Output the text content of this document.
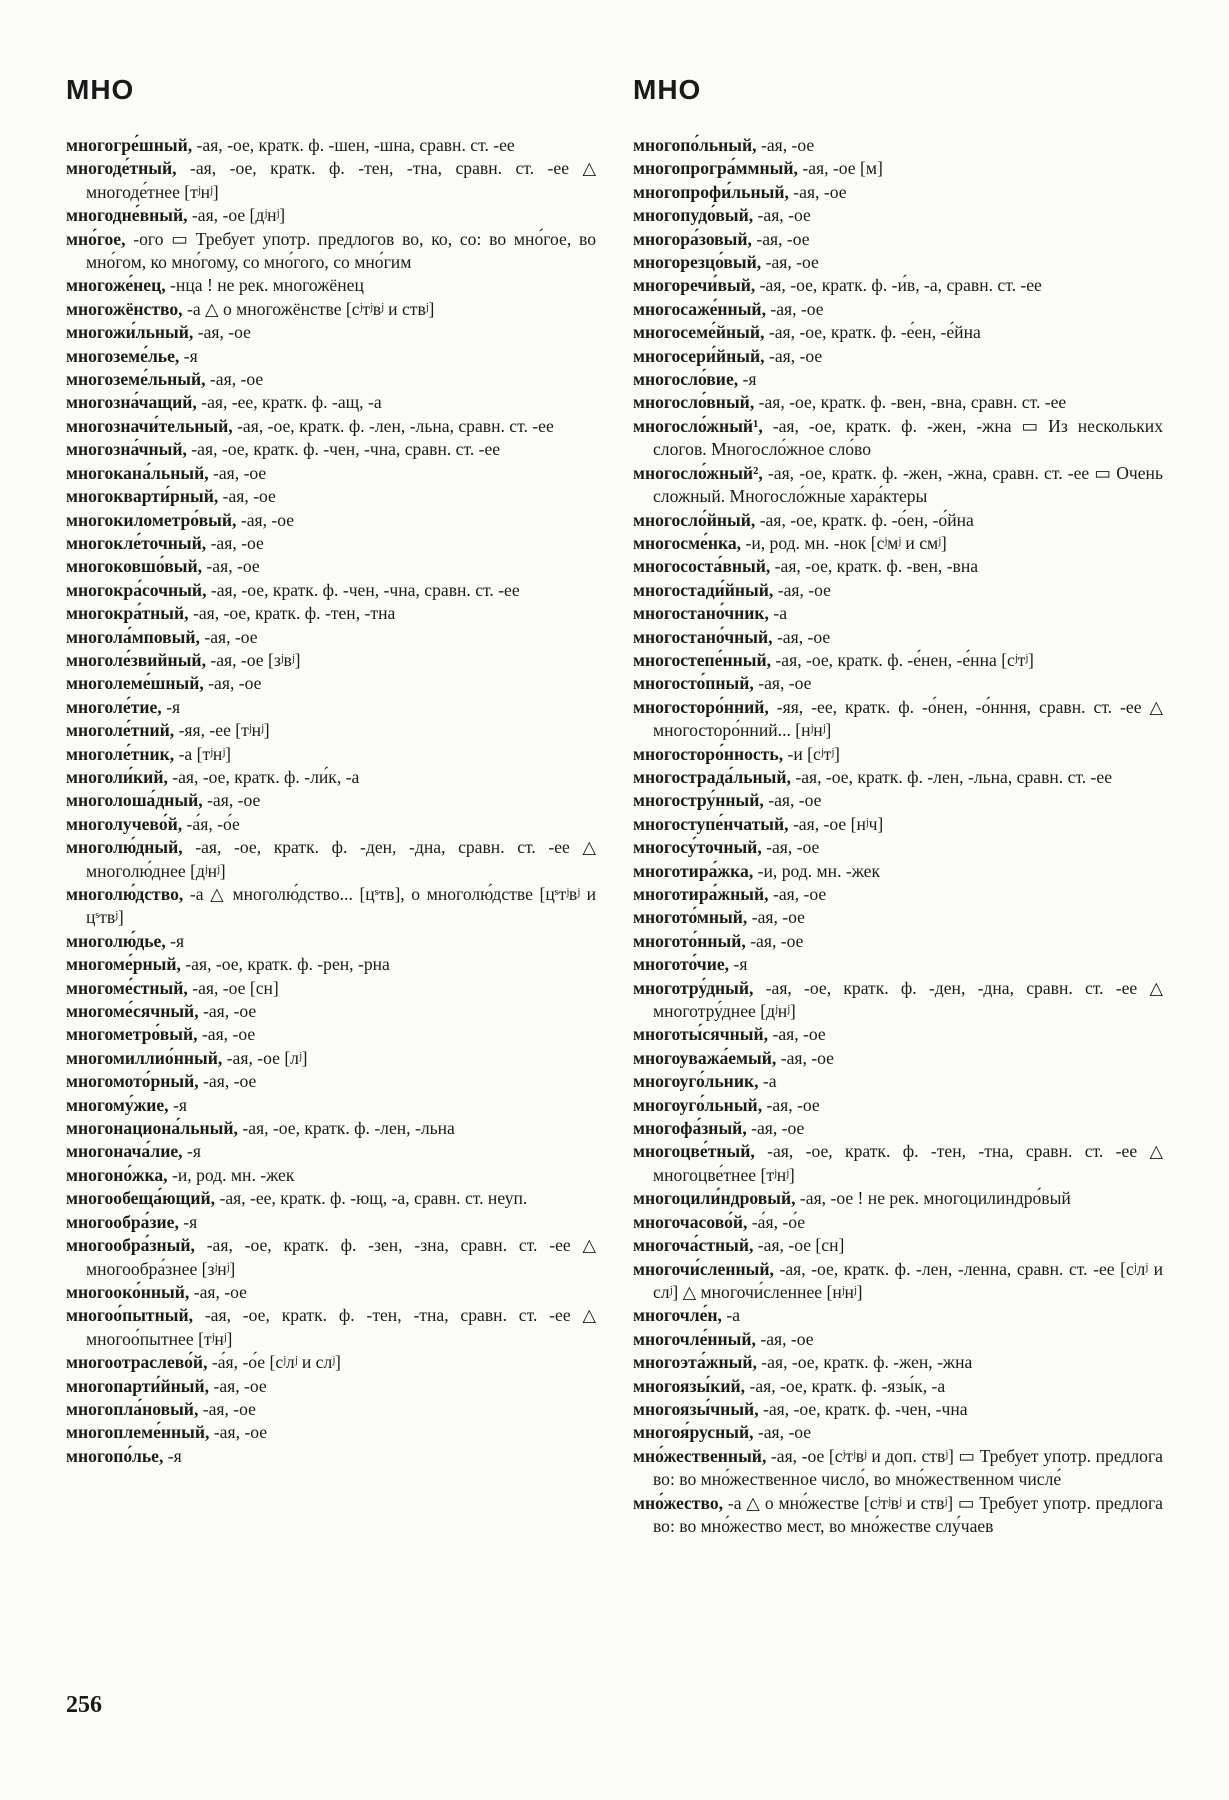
МНО
многогре́шный, -ая, -ое, кратк. ф. -шен, -шна, сравн. ст. -ее
многоде́тный, -ая, -ое, кратк. ф. -тен, -тна, сравн. ст. -ее △ многоде́тнее [тʲнʲ]
многодне́вный, -ая, -ое [дʲнʲ]
мно́гое, -ого ▭ Требует употр. предлогов во, ко, со: во мно́гое, во мно́гом, ко мно́гому, со мно́гого, со мно́гим
многоже́нец, -нца ! не рек. многожёнец
многожёнство, -а △ о многожёнстве [сʲтʲвʲ и ствʲ]
многожи́льный, -ая, -ое
многоземе́лье, -я
многоземе́льный, -ая, -ое
многозна́чащий, -ая, -ее, кратк. ф. -ащ, -а
многозначи́тельный, -ая, -ое, кратк. ф. -лен, -льна, сравн. ст. -ее
многозна́чный, -ая, -ое, кратк. ф. -чен, -чна, сравн. ст. -ее
многокана́льный, -ая, -ое
многокварти́рный, -ая, -ое
многокилометро́вый, -ая, -ое
многокле́точный, -ая, -ое
многоковшо́вый, -ая, -ое
многокра́сочный, -ая, -ое, кратк. ф. -чен, -чна, сравн. ст. -ее
многокра́тный, -ая, -ое, кратк. ф. -тен, -тна
многола́мповый, -ая, -ое
многоле́звийный, -ая, -ое [зʲвʲ]
многолеме́шный, -ая, -ое
многоле́тие, -я
многоле́тний, -яя, -ее [тʲнʲ]
многоле́тник, -а [тʲнʲ]
многоли́кий, -ая, -ое, кратк. ф. -ли́к, -а
многолоша́дный, -ая, -ое
многолучево́й, -а́я, -о́е
многолю́дный, -ая, -ое, кратк. ф. -ден, -дна, сравн. ст. -ее △ многолю́днее [дʲнʲ]
многолю́дство, -а △ многолю́дство... [цˢтв], о многолю́дстве [цˢтʲвʲ и цˢтвʲ]
многолю́дье, -я
многоме́рный, -ая, -ое, кратк. ф. -рен, -рна
многоме́стный, -ая, -ое [сн]
многоме́сячный, -ая, -ое
многометро́вый, -ая, -ое
многомиллио́нный, -ая, -ое [лʲ]
многомото́рный, -ая, -ое
многому́жие, -я
многонациона́льный, -ая, -ое, кратк. ф. -лен, -льна
многонача́лие, -я
многоно́жка, -и, род. мн. -жек
многообеща́ющий, -ая, -ее, кратк. ф. -ющ, -а, сравн. ст. неуп.
многообра́зие, -я
многообра́зный, -ая, -ое, кратк. ф. -зен, -зна, сравн. ст. -ее △ многообра́знее [зʲнʲ]
многооко́нный, -ая, -ое
многоо́пытный, -ая, -ое, кратк. ф. -тен, -тна, сравн. ст. -ее △ многоо́пытнее [тʲнʲ]
многоотраслево́й, -а́я, -о́е [сʲлʲ и слʲ]
многопарти́йный, -ая, -ое
многопла́новый, -ая, -ое
многоплеме́нный, -ая, -ое
многопо́лье, -я
МНО
многопо́льный, -ая, -ое
многопрогра́ммный, -ая, -ое [м]
многопрофи́льный, -ая, -ое
многопудо́вый, -ая, -ое
многора́зовый, -ая, -ое
многорезцо́вый, -ая, -ое
многоречи́вый, -ая, -ое, кратк. ф. -и́в, -а, сравн. ст. -ее
многосаже́нный, -ая, -ое
многосеме́йный, -ая, -ое, кратк. ф. -е́ен, -е́йна
многосери́йный, -ая, -ое
многосло́вие, -я
многосло́вный, -ая, -ое, кратк. ф. -вен, -вна, сравн. ст. -ее
многосло́жный¹, -ая, -ое, кратк. ф. -жен, -жна ▭ Из нескольких слогов. Многосло́жное сло́во
многосло́жный², -ая, -ое, кратк. ф. -жен, -жна, сравн. ст. -ее ▭ Очень сложный. Многосло́жные хара́ктеры
многосло́йный, -ая, -ое, кратк. ф. -о́ен, -о́йна
многосме́нка, -и, род. мн. -нок [сʲмʲ и смʲ]
многососта́вный, -ая, -ое, кратк. ф. -вен, -вна
многостади́йный, -ая, -ое
многостано́чник, -а
многостано́чный, -ая, -ое
многостепе́нный, -ая, -ое, кратк. ф. -е́нен, -е́нна [сʲтʲ]
многосто́пный, -ая, -ое
многосторо́нний, -яя, -ее, кратк. ф. -о́нен, -о́нння, сравн. ст. -ее △ многосторо́нний... [нʲнʲ]
многосторо́нность, -и [сʲтʲ]
многострада́льный, -ая, -ое, кратк. ф. -лен, -льна, сравн. ст. -ее
многостру́нный, -ая, -ое
многоступе́нчатый, -ая, -ое [нʲч]
многосу́точный, -ая, -ое
многотира́жка, -и, род. мн. -жек
многотира́жный, -ая, -ое
многото́мный, -ая, -ое
многото́нный, -ая, -ое
многото́чие, -я
многотру́дный, -ая, -ое, кратк. ф. -ден, -дна, сравн. ст. -ее △ многотру́днее [дʲнʲ]
многоты́сячный, -ая, -ое
многоуважа́емый, -ая, -ое
многоуго́льник, -а
многоуго́льный, -ая, -ое
многофа́зный, -ая, -ое
многоцве́тный, -ая, -ое, кратк. ф. -тен, -тна, сравн. ст. -ее △ многоцве́тнее [тʲнʲ]
многоцили́ндровый, -ая, -ое ! не рек. многоцилиндро́вый
многочасово́й, -а́я, -о́е
многоча́стный, -ая, -ое [сн]
многочи́сленный, -ая, -ое, кратк. ф. -лен, -ленна, сравн. ст. -ее [сʲлʲ и слʲ] △ многочи́сленнее [нʲнʲ]
многочле́н, -а
многочле́нный, -ая, -ое
многоэта́жный, -ая, -ое, кратк. ф. -жен, -жна
многоязы́кий, -ая, -ое, кратк. ф. -язы́к, -а
многоязы́чный, -ая, -ое, кратк. ф. -чен, -чна
многоя́русный, -ая, -ое
мно́жественный, -ая, -ое [сʲтʲвʲ и доп. ствʲ] ▭ Требует употр. предлога во: во мно́жественное число́, во мно́жественном числе́
мно́жество, -а △ о мно́жестве [сʲтʲвʲ и ствʲ] ▭ Требует употр. предлога во: во мно́жество мест, во мно́жестве слу́чаев
256
